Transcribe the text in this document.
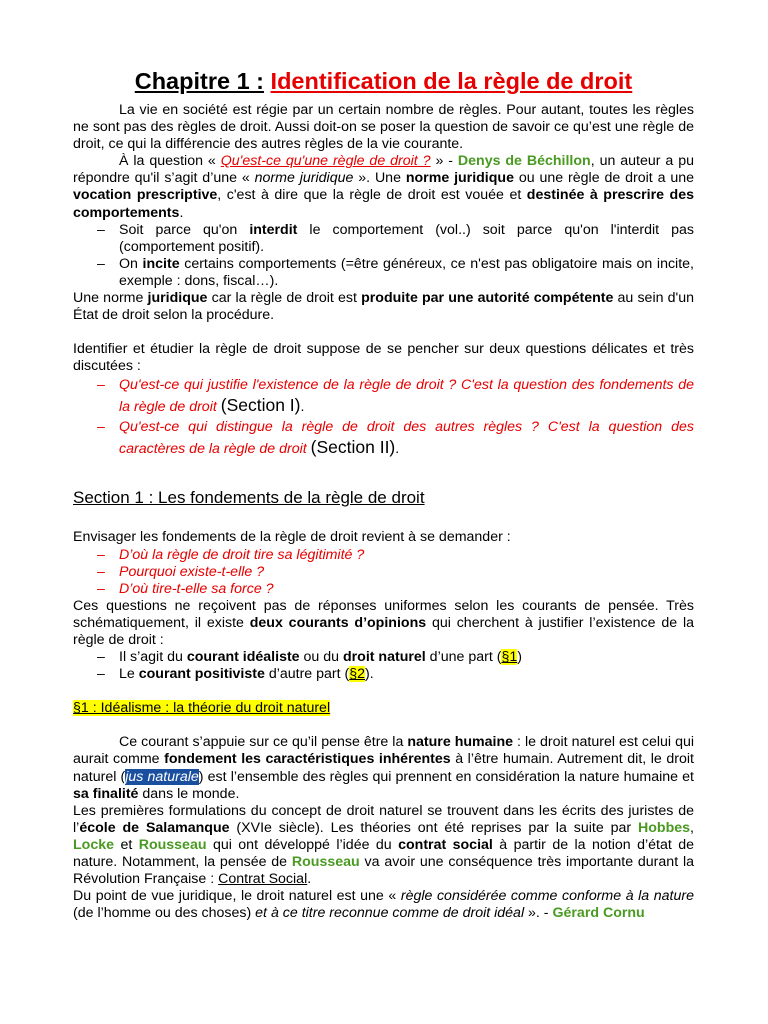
Chapitre 1 : Identification de la règle de droit

La vie en société est régie par un certain nombre de règles. Pour autant, toutes les règles ne sont pas des règles de droit. Aussi doit-on se poser la question de savoir ce qu’est une règle de droit, ce qui la différencie des autres règles de la vie courante.

À la question « Qu'est-ce qu'une règle de droit ? » - Denys de Béchillon, un auteur a pu répondre qu'il s’agit d’une « norme juridique ». Une norme juridique ou une règle de droit a une vocation prescriptive, c'est à dire que la règle de droit est vouée et destinée à prescrire des comportements.

– Soit parce qu'on interdit le comportement (vol..) soit parce qu'on l'interdit pas (comportement positif).
– On incite certains comportements (=être généreux, ce n'est pas obligatoire mais on incite, exemple : dons, fiscal…).

Une norme juridique car la règle de droit est produite par une autorité compétente au sein d'un État de droit selon la procédure.

Identifier et étudier la règle de droit suppose de se pencher sur deux questions délicates et très discutées :

– Qu'est-ce qui justifie l'existence de la règle de droit ? C'est la question des fondements de la règle de droit (Section I).
– Qu'est-ce qui distingue la règle de droit des autres règles ? C'est la question des caractères de la règle de droit (Section II).
Section 1 : Les fondements de la règle de droit

Envisager les fondements de la règle de droit revient à se demander :

– D’où la règle de droit tire sa légitimité ?
– Pourquoi existe-t-elle ?
– D’où tire-t-elle sa force ?

Ces questions ne reçoivent pas de réponses uniformes selon les courants de pensée. Très schématiquement, il existe deux courants d’opinions qui cherchent à justifier l’existence de la règle de droit :

– Il s’agit du courant idéaliste ou du droit naturel d’une part (§1)
– Le courant positiviste d’autre part (§2).

§1 : Idéalisme : la théorie du droit naturel

Ce courant s’appuie sur ce qu’il pense être la nature humaine : le droit naturel est celui qui aurait comme fondement les caractéristiques inhérentes à l’être humain. Autrement dit, le droit naturel (jus naturale) est l’ensemble des règles qui prennent en considération la nature humaine et sa finalité dans le monde.

Les premières formulations du concept de droit naturel se trouvent dans les écrits des juristes de l’école de Salamanque (XVIe siècle). Les théories ont été reprises par la suite par Hobbes, Locke et Rousseau qui ont développé l’idée du contrat social à partir de la notion d’état de nature. Notamment, la pensée de Rousseau va avoir une conséquence très importante durant la Révolution Française : Contrat Social.

Du point de vue juridique, le droit naturel est une « règle considérée comme conforme à la nature (de l’homme ou des choses) et à ce titre reconnue comme de droit idéal ». - Gérard Cornu
